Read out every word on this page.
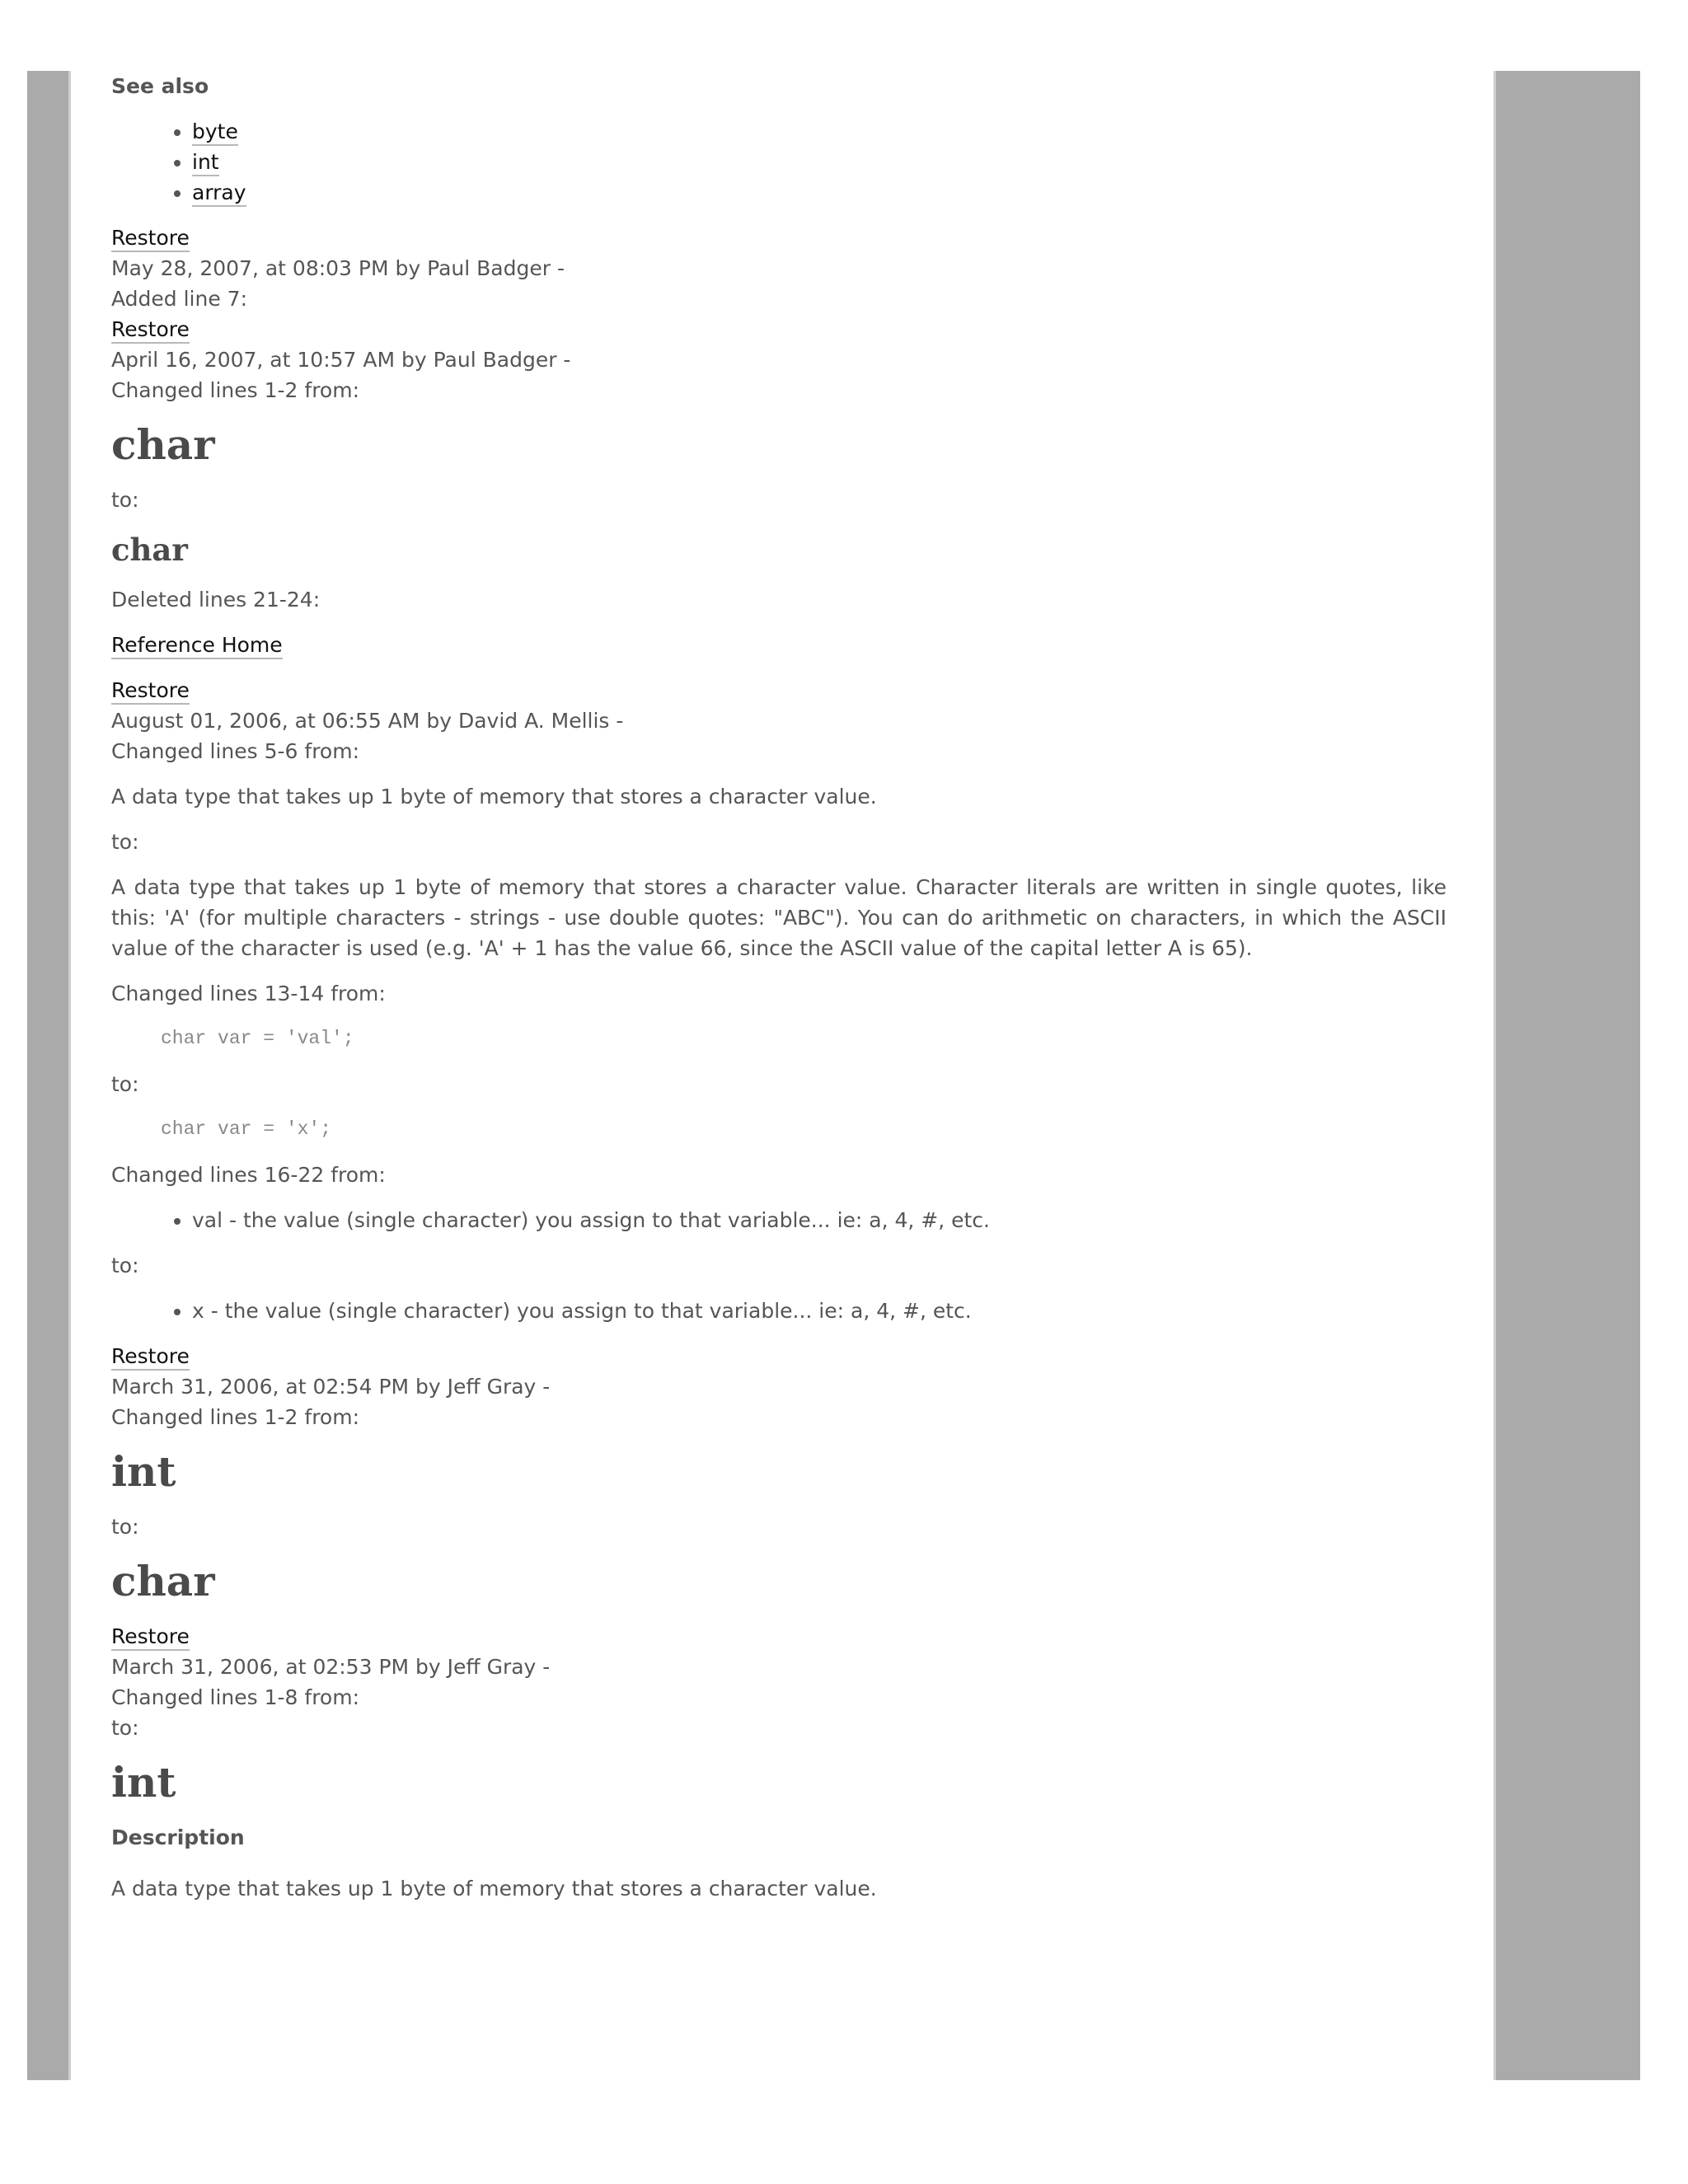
See also

• byte
• int
• array

Restore

May 28, 2007, at 08:03 PM by Paul Badger -

Added line 7:

Restore

April 16, 2007, at 10:57 AM by Paul Badger -

Changed lines 1-2 from:

char

to:

char

Deleted lines 21-24:

Reference Home

Restore

August 01, 2006, at 06:55 AM by David A. Mellis -

Changed lines 5-6 from:

A data type that takes up 1 byte of memory that stores a character value.

to:

A data type that takes up 1 byte of memory that stores a character value. Character literals are written in single quotes, like this: 'A' (for multiple characters - strings - use double quotes: "ABC"). You can do arithmetic on characters, in which the ASCII value of the character is used (e.g. 'A' + 1 has the value 66, since the ASCII value of the capital letter A is 65).

Changed lines 13-14 from:

char var = 'val';

to:

char var = 'x';

Changed lines 16-22 from:

• val - the value (single character) you assign to that variable... ie: a, 4, #, etc.

to:

• x - the value (single character) you assign to that variable... ie: a, 4, #, etc.

Restore

March 31, 2006, at 02:54 PM by Jeff Gray -

Changed lines 1-2 from:

int

to:

char

Restore

March 31, 2006, at 02:53 PM by Jeff Gray -

Changed lines 1-8 from:

to:

int

Description

A data type that takes up 1 byte of memory that stores a character value.
